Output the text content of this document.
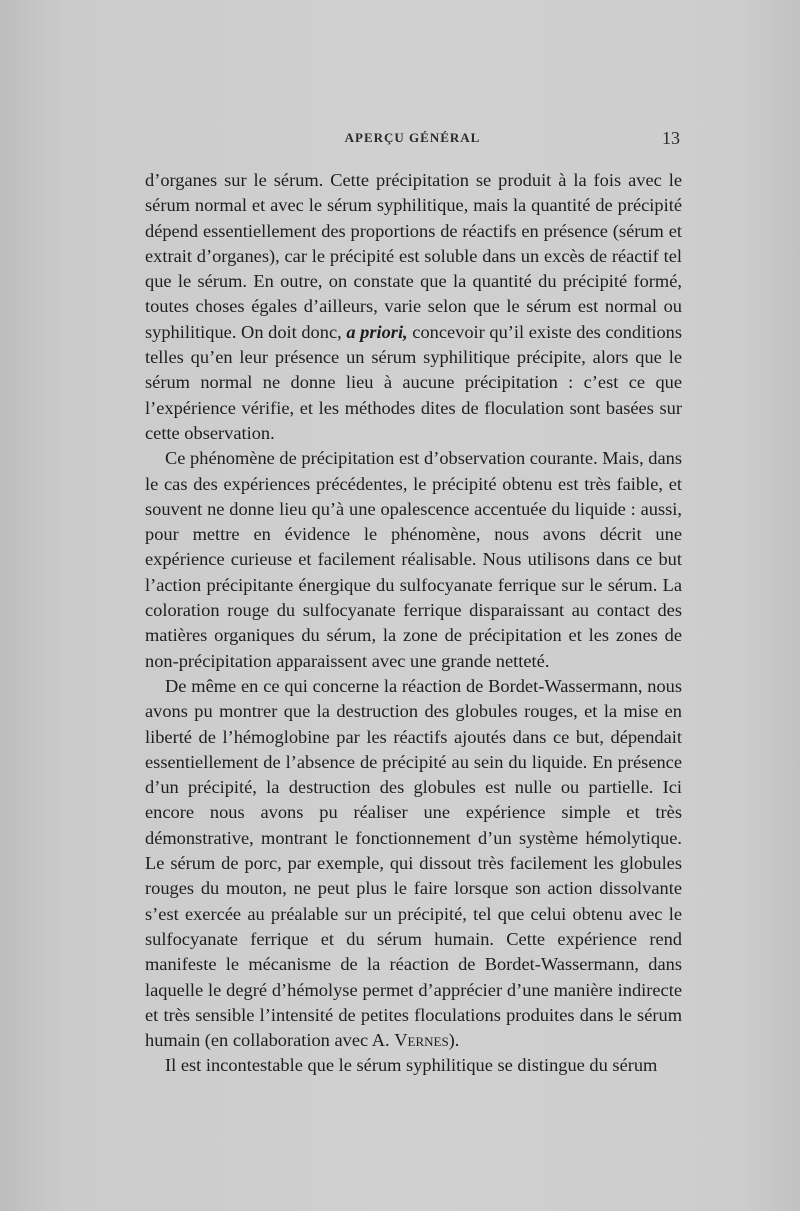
APERÇU GÉNÉRAL	13

d’organes sur le sérum. Cette précipitation se produit à la fois avec le sérum normal et avec le sérum syphilitique, mais la quantité de précipité dépend essentiellement des proportions de réactifs en présence (sérum et extrait d’organes), car le précipité est soluble dans un excès de réactif tel que le sérum. En outre, on constate que la quantité du précipité formé, toutes choses égales d’ailleurs, varie selon que le sérum est normal ou syphilitique. On doit donc, a priori, concevoir qu’il existe des conditions telles qu’en leur présence un sérum syphilitique précipite, alors que le sérum normal ne donne lieu à aucune précipitation : c’est ce que l’expérience vérifie, et les méthodes dites de floculation sont basées sur cette observation.

Ce phénomène de précipitation est d’observation courante. Mais, dans le cas des expériences précédentes, le précipité obtenu est très faible, et souvent ne donne lieu qu’à une opalescence accentuée du liquide : aussi, pour mettre en évidence le phénomène, nous avons décrit une expérience curieuse et facilement réalisable. Nous utilisons dans ce but l’action précipitante énergique du sulfocyanate ferrique sur le sérum. La coloration rouge du sulfocyanate ferrique disparaissant au contact des matières organiques du sérum, la zone de précipitation et les zones de non-précipitation apparaissent avec une grande netteté.

De même en ce qui concerne la réaction de Bordet-Wassermann, nous avons pu montrer que la destruction des globules rouges, et la mise en liberté de l’hémoglobine par les réactifs ajoutés dans ce but, dépendait essentiellement de l’absence de précipité au sein du liquide. En présence d’un précipité, la destruction des globules est nulle ou partielle. Ici encore nous avons pu réaliser une expérience simple et très démonstrative, montrant le fonctionnement d’un système hémolytique. Le sérum de porc, par exemple, qui dissout très facilement les globules rouges du mouton, ne peut plus le faire lorsque son action dissolvante s’est exercée au préalable sur un précipité, tel que celui obtenu avec le sulfocyanate ferrique et du sérum humain. Cette expérience rend manifeste le mécanisme de la réaction de Bordet-Wassermann, dans laquelle le degré d’hémolyse permet d’apprécier d’une manière indirecte et très sensible l’intensité de petites floculations produites dans le sérum humain (en collaboration avec A. Vernes).

Il est incontestable que le sérum syphilitique se distingue du sérum
